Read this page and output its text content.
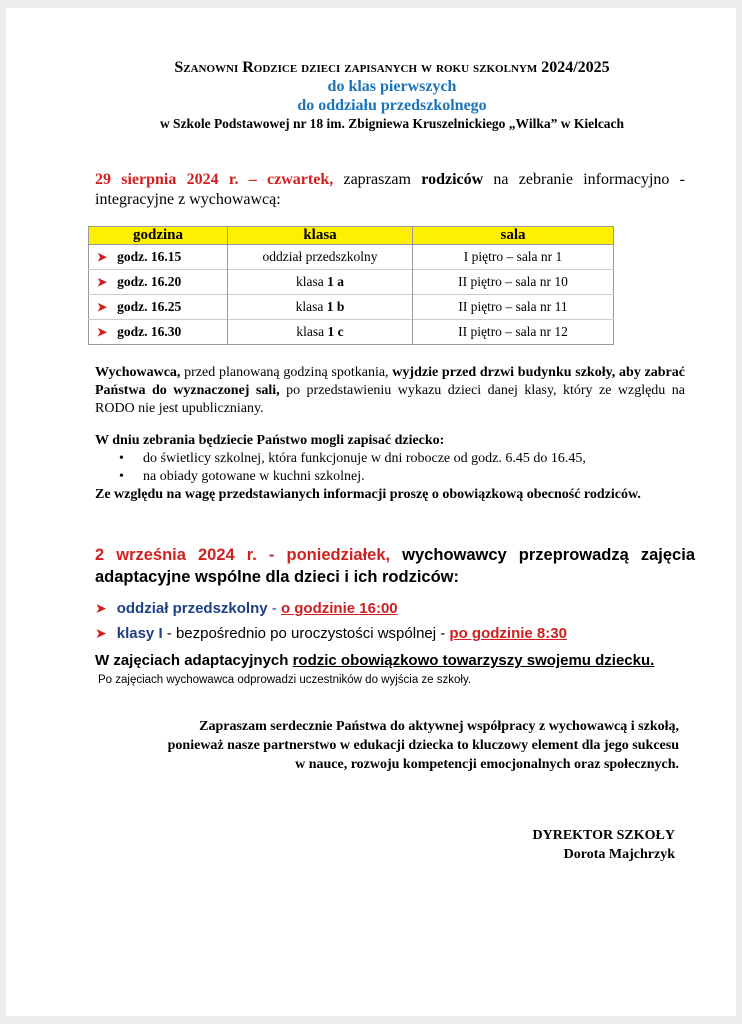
Szanowni Rodzice dzieci zapisanych w roku szkolnym 2024/2025
do klas pierwszych
do oddziału przedszkolnego
w Szkole Podstawowej nr 18 im. Zbigniewa Kruszelnickiego „Wilka” w Kielcach
29 sierpnia 2024 r. – czwartek, zapraszam rodziców na zebranie informacyjno - integracyjne z wychowawcą:
godzina	klasa	sala
➤ godz. 16.15	oddział przedszkolny	I piętro – sala nr 1
➤ godz. 16.20	klasa 1 a	II piętro – sala nr 10
➤ godz. 16.25	klasa 1 b	II piętro – sala nr 11
➤ godz. 16.30	klasa 1 c	II piętro – sala nr 12
Wychowawca, przed planowaną godziną spotkania, wyjdzie przed drzwi budynku szkoły, aby zabrać Państwa do wyznaczonej sali, po przedstawieniu wykazu dzieci danej klasy, który ze względu na RODO nie jest upubliczniany.
W dniu zebrania będziecie Państwo mogli zapisać dziecko:
• do świetlicy szkolnej, która funkcjonuje w dni robocze od godz. 6.45 do 16.45,
• na obiady gotowane w kuchni szkolnej.
Ze względu na wagę przedstawianych informacji proszę o obowiązkową obecność rodziców.
2 września 2024 r. - poniedziałek, wychowawcy przeprowadzą zajęcia adaptacyjne wspólne dla dzieci i ich rodziców:
➤ oddział przedszkolny - o godzinie 16:00
➤ klasy I - bezpośrednio po uroczystości wspólnej - po godzinie 8:30
W zajęciach adaptacyjnych rodzic obowiązkowo towarzyszy swojemu dziecku.
Po zajęciach wychowawca odprowadzi uczestników do wyjścia ze szkoły.
Zapraszam serdecznie Państwa do aktywnej współpracy z wychowawcą i szkołą,
ponieważ nasze partnerstwo w edukacji dziecka to kluczowy element dla jego sukcesu
w nauce, rozwoju kompetencji emocjonalnych oraz społecznych.
DYREKTOR SZKOŁY
Dorota Majchrzyk
